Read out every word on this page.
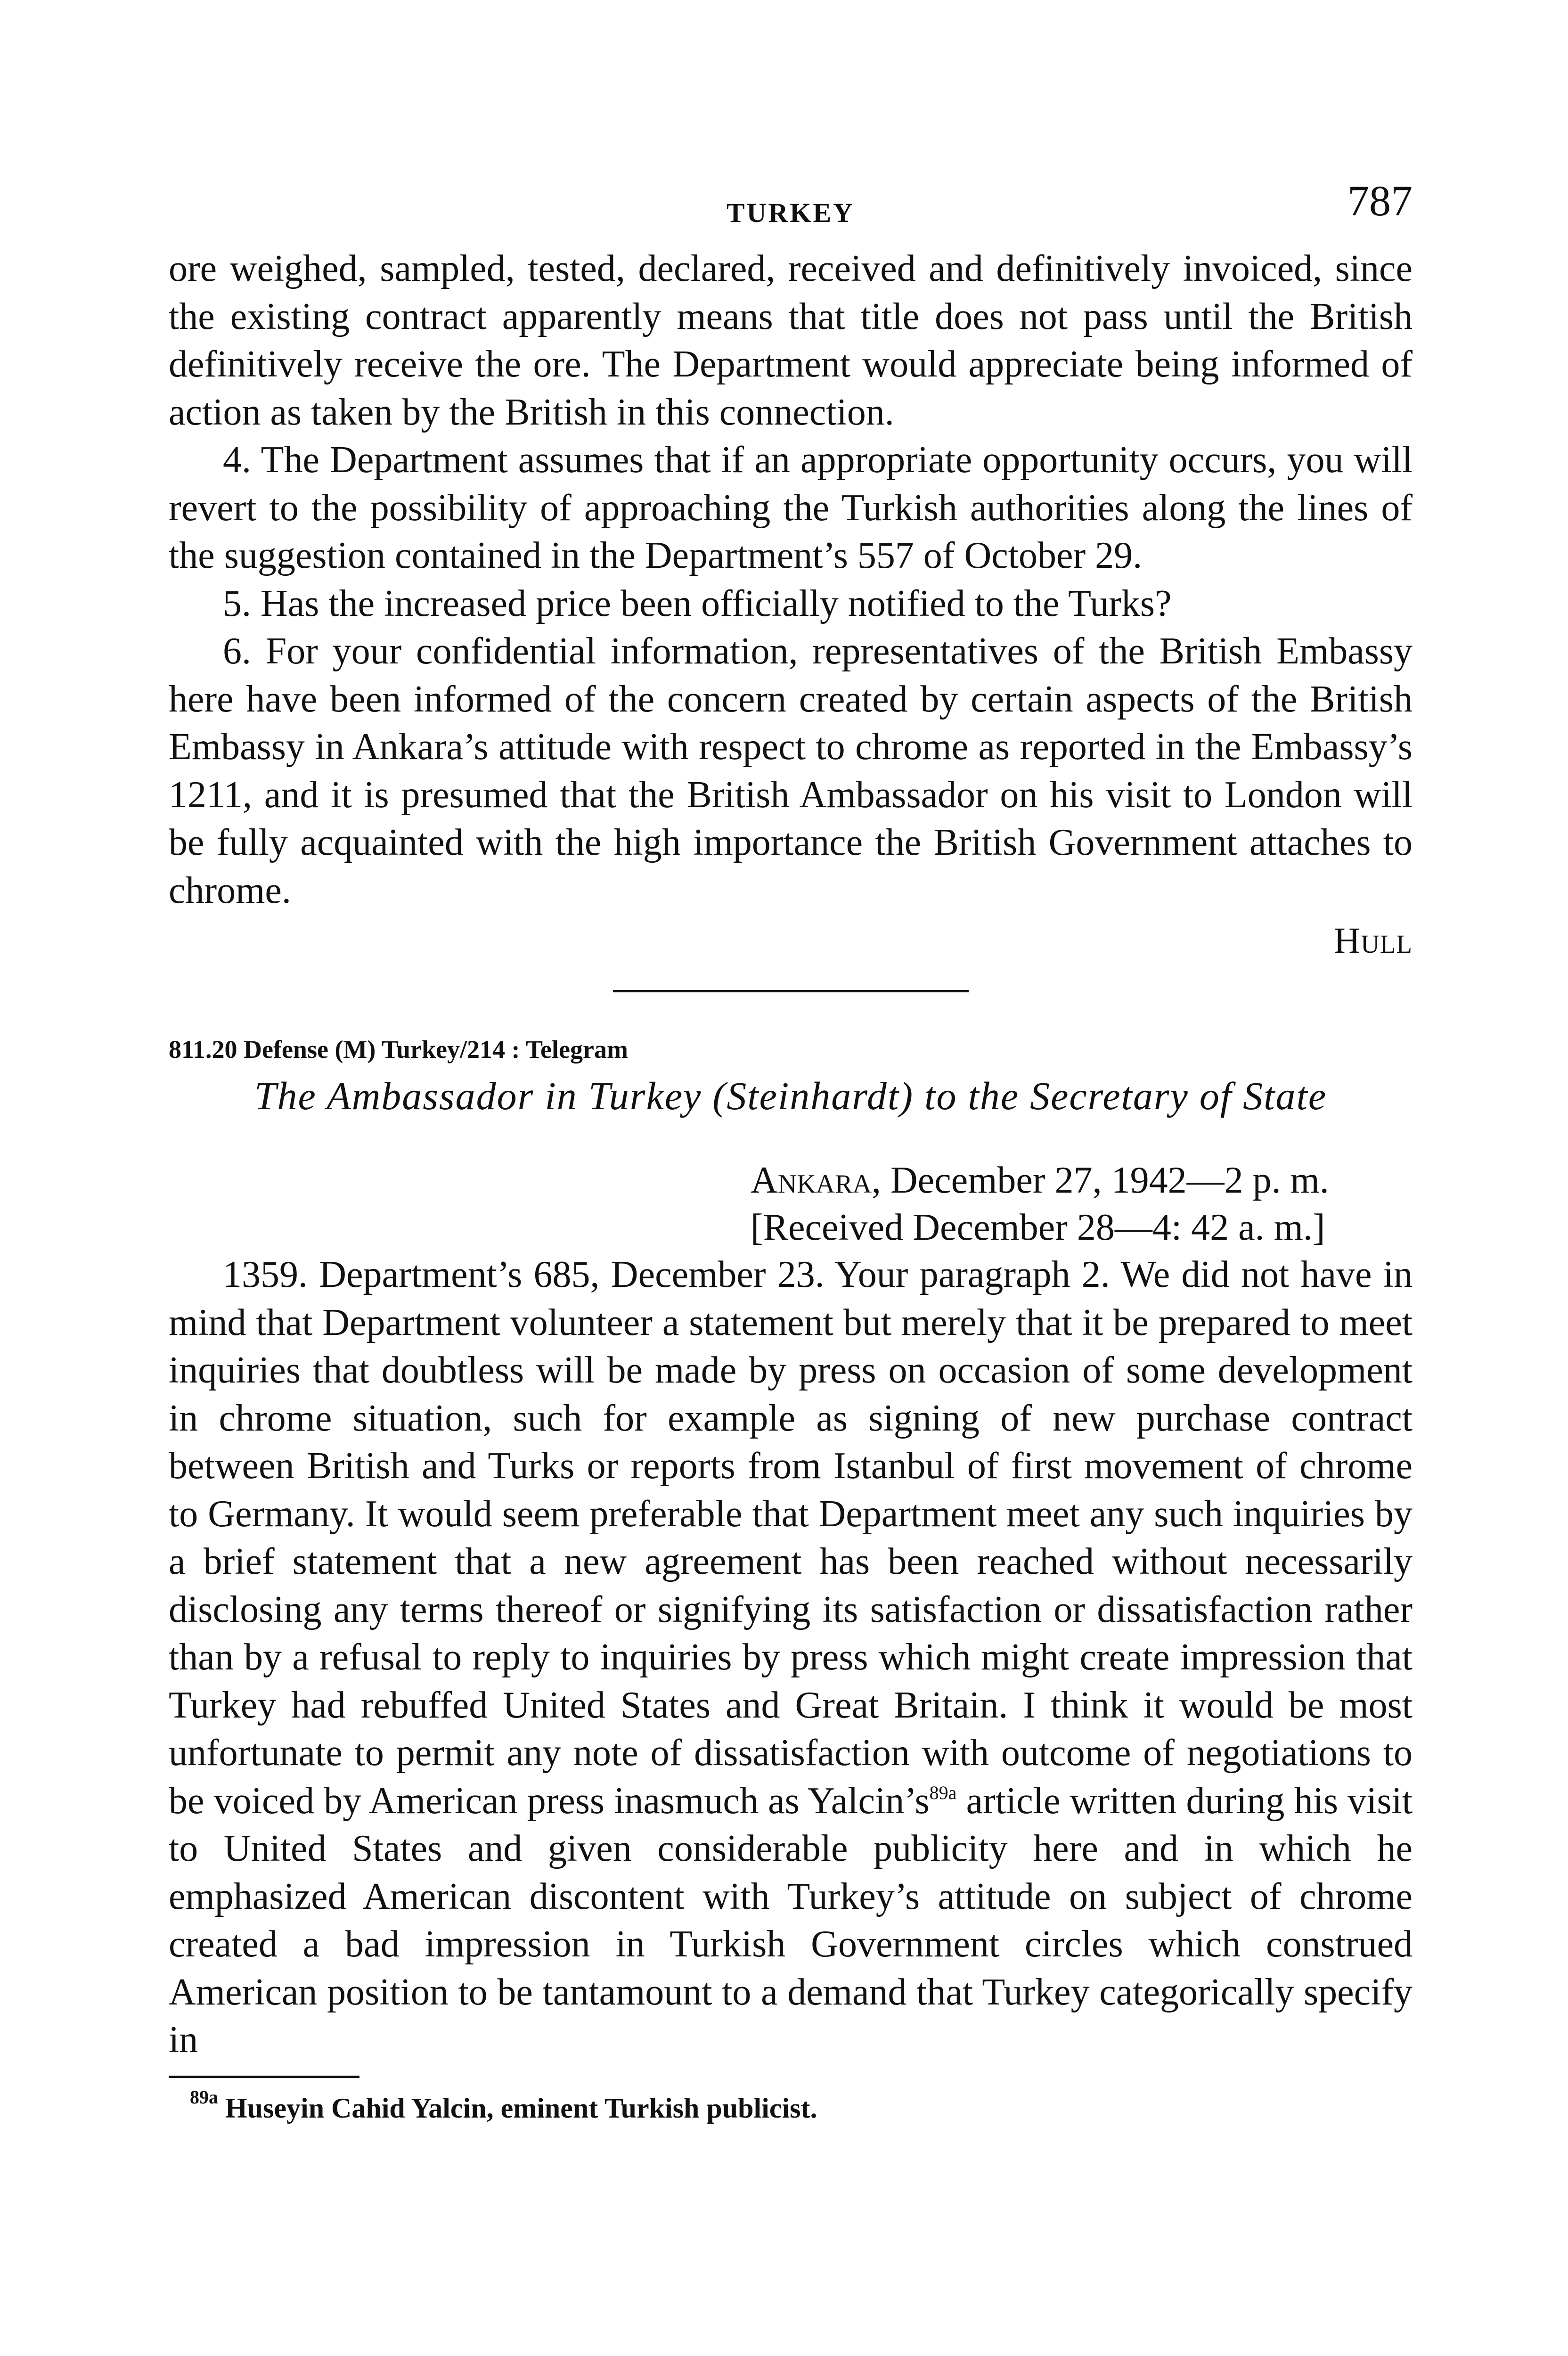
TURKEY	787

ore weighed, sampled, tested, declared, received and definitively invoiced, since the existing contract apparently means that title does not pass until the British definitively receive the ore. The Department would appreciate being informed of action as taken by the British in this connection.

4. The Department assumes that if an appropriate opportunity occurs, you will revert to the possibility of approaching the Turkish authorities along the lines of the suggestion contained in the Department’s 557 of October 29.

5. Has the increased price been officially notified to the Turks?

6. For your confidential information, representatives of the British Embassy here have been informed of the concern created by certain aspects of the British Embassy in Ankara’s attitude with respect to chrome as reported in the Embassy’s 1211, and it is presumed that the British Ambassador on his visit to London will be fully acquainted with the high importance the British Government attaches to chrome.

Hull
811.20 Defense (M) Turkey/214 : Telegram
The Ambassador in Turkey (Steinhardt) to the Secretary of State
Ankara, December 27, 1942—2 p. m.
[Received December 28—4: 42 a. m.]

1359. Department’s 685, December 23. Your paragraph 2. We did not have in mind that Department volunteer a statement but merely that it be prepared to meet inquiries that doubtless will be made by press on occasion of some development in chrome situation, such for example as signing of new purchase contract between British and Turks or reports from Istanbul of first movement of chrome to Germany. It would seem preferable that Department meet any such inquiries by a brief statement that a new agreement has been reached without necessarily disclosing any terms thereof or signifying its satisfaction or dissatisfaction rather than by a refusal to reply to inquiries by press which might create impression that Turkey had rebuffed United States and Great Britain. I think it would be most unfortunate to permit any note of dissatisfaction with outcome of negotiations to be voiced by American press inasmuch as Yalcin’s$^{89a}$ article written during his visit to United States and given considerable publicity here and in which he emphasized American discontent with Turkey’s attitude on subject of chrome created a bad impression in Turkish Government circles which construed American position to be tantamount to a demand that Turkey categorically specify in

$^{89a}$ Huseyin Cahid Yalcin, eminent Turkish publicist.
